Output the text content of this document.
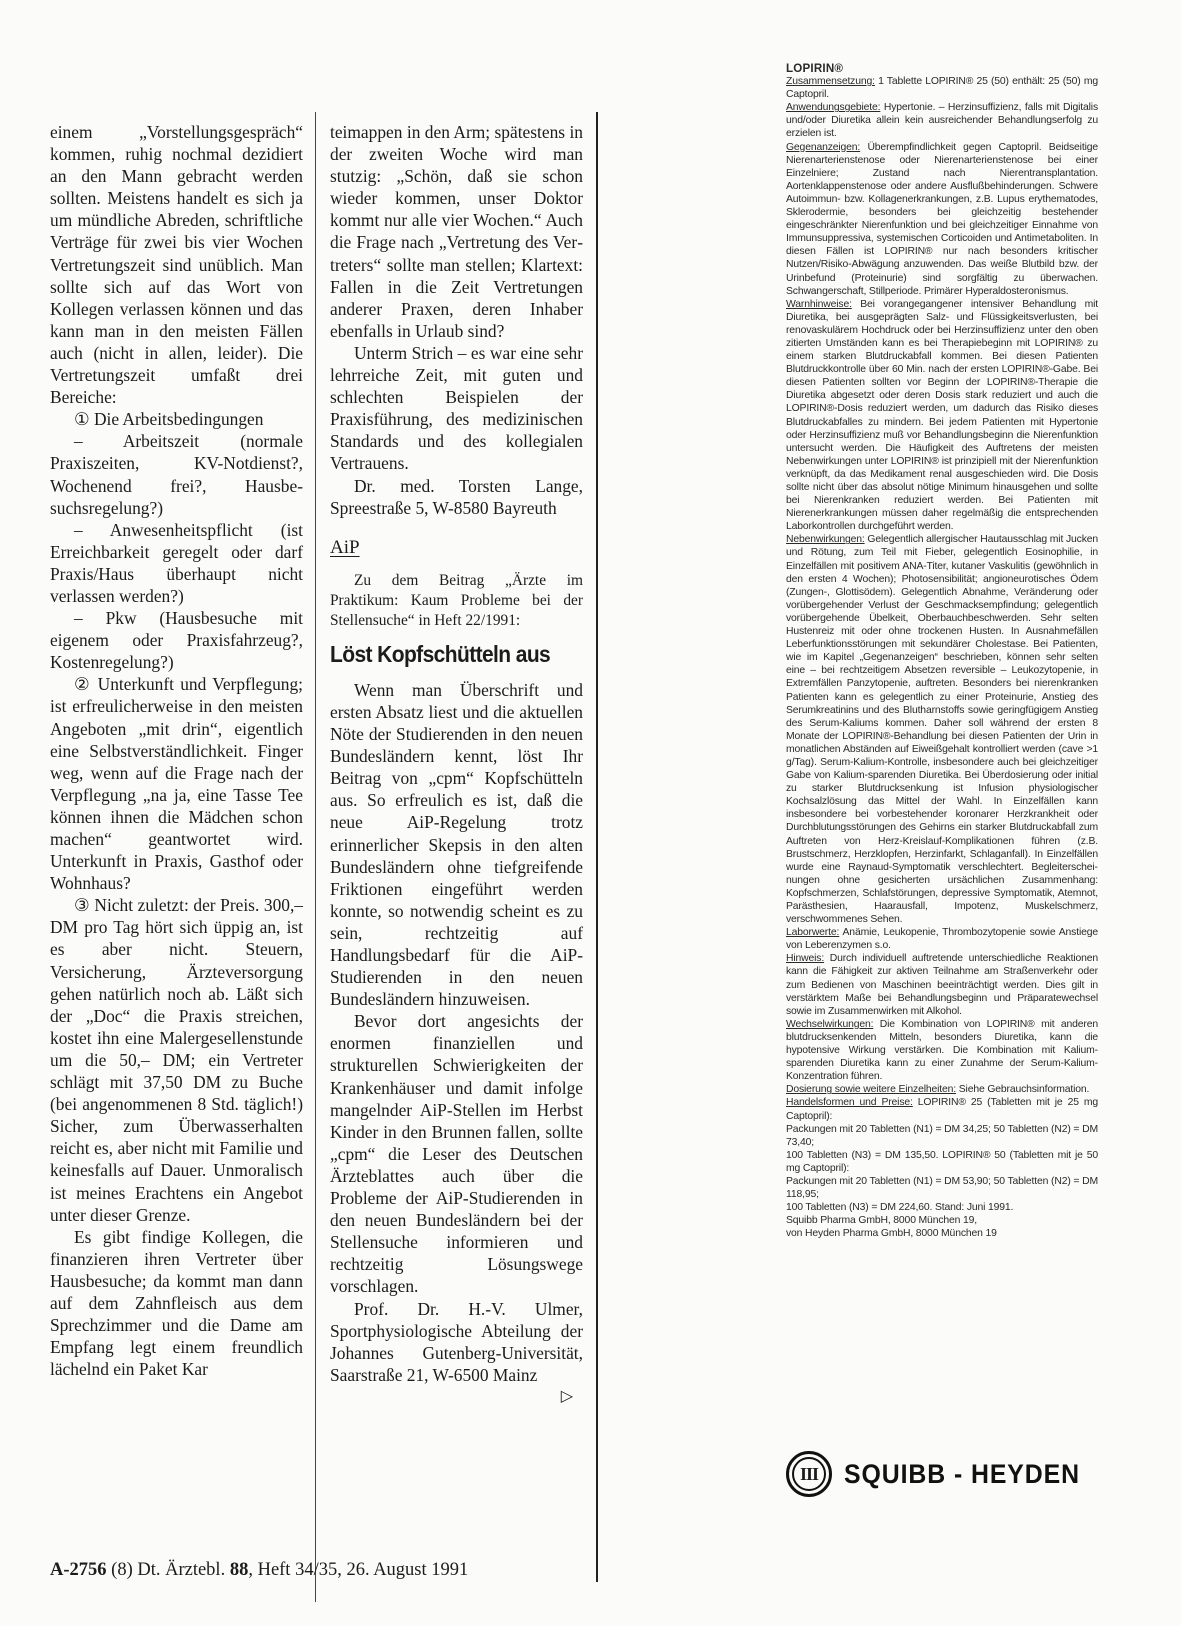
einem „Vorstellungsgespräch“ kommen, ruhig nochmal dezidiert an den Mann gebracht werden sollten. Meistens handelt es sich ja um mündliche Abreden, schriftliche Verträge für zwei bis vier Wochen Vertretungszeit sind unüblich. Man sollte sich auf das Wort von Kollegen verlassen können und das kann man in den meisten Fällen auch (nicht in allen, leider). Die Vertretungszeit umfaßt drei Bereiche:

① Die Arbeitsbedingungen

– Arbeitszeit (normale Praxiszeiten, KV-Notdienst?, Wochenend frei?, Hausbesuchsregelung?)

– Anwesenheitspflicht (ist Erreichbarkeit geregelt oder darf Praxis/Haus überhaupt nicht verlassen werden?)

– Pkw (Hausbesuche mit eigenem oder Praxisfahrzeug?, Kostenregelung?)

② Unterkunft und Verpflegung; ist erfreulicherweise in den meisten Angeboten „mit drin“, eigentlich eine Selbstverständlichkeit. Finger weg, wenn auf die Frage nach der Verpflegung „na ja, eine Tasse Tee können ihnen die Mädchen schon machen“ geantwortet wird. Unterkunft in Praxis, Gasthof oder Wohnhaus?

③ Nicht zuletzt: der Preis. 300,– DM pro Tag hört sich üppig an, ist es aber nicht. Steuern, Versicherung, Ärzteversorgung gehen natürlich noch ab. Läßt sich der „Doc“ die Praxis streichen, kostet ihn eine Malergesellenstunde um die 50,– DM; ein Vertreter schlägt mit 37,50 DM zu Buche (bei angenommenen 8 Std. täglich!) Sicher, zum Überwasserhalten reicht es, aber nicht mit Familie und keinesfalls auf Dauer. Unmoralisch ist meines Erachtens ein Angebot unter dieser Grenze.

Es gibt findige Kollegen, die finanzieren ihren Vertreter über Hausbesuche; da kommt man dann auf dem Zahnfleisch aus dem Sprechzimmer und die Dame am Empfang legt einem freundlich lächelnd ein Paket Kar

teimappen in den Arm; spätestens in der zweiten Woche wird man stutzig: „Schön, daß sie schon wieder kommen, unser Doktor kommt nur alle vier Wochen.“ Auch die Frage nach „Vertretung des Vertreters“ sollte man stellen; Klartext: Fallen in die Zeit Vertretungen anderer Praxen, deren Inhaber ebenfalls in Urlaub sind?

Unterm Strich – es war eine sehr lehrreiche Zeit, mit guten und schlechten Beispielen der Praxisführung, des medizinischen Standards und des kollegialen Vertrauens.

Dr. med. Torsten Lange, Spreestraße 5, W-8580 Bayreuth

AiP
Zu dem Beitrag „Ärzte im Praktikum: Kaum Probleme bei der Stellensuche“ in Heft 22/1991:
Löst Kopfschütteln aus

Wenn man Überschrift und ersten Absatz liest und die aktuellen Nöte der Studierenden in den neuen Bundesländern kennt, löst Ihr Beitrag von „cpm“ Kopfschütteln aus. So erfreulich es ist, daß die neue AiP-Regelung trotz erinnerlicher Skepsis in den alten Bundesländern ohne tiefgreifende Friktionen eingeführt werden konnte, so notwendig scheint es zu sein, rechtzeitig auf Handlungsbedarf für die AiP-Studierenden in den neuen Bundesländern hinzuweisen.

Bevor dort angesichts der enormen finanziellen und strukturellen Schwierigkeiten der Krankenhäuser und damit infolge mangelnder AiP-Stellen im Herbst Kinder in den Brunnen fallen, sollte „cpm“ die Leser des Deutschen Ärzteblattes auch über die Probleme der AiP-Studierenden in den neuen Bundesländern bei der Stellensuche informieren und rechtzeitig Lösungswege vorschlagen.

Prof. Dr. H.-V. Ulmer, Sportphysiologische Abteilung der Johannes Gutenberg-Universität, Saarstraße 21, W-6500 Mainz
▷

A-2756 (8) Dt. Ärztebl. 88, Heft 34/35, 26. August 1991
LOPIRIN®

Zusammensetzung: 1 Tablette LOPIRIN® 25 (50) enthält: 25 (50) mg Captopril.

Anwendungsgebiete: Hypertonie. – Herzinsuffizienz, falls mit Digitalis und/oder Diuretika allein kein ausreichender Behandlungserfolg zu erzielen ist.

Gegenanzeigen: Überempfindlichkeit gegen Captopril. Beidseitige Nierenarterienstenose oder Nierenarterienstenose bei einer Einzelniere; Zustand nach Nierentransplantation. Aortenklappenstenose oder andere Ausflußbehinderungen. Schwere Autoimmun- bzw. Kollagenerkrankungen, z.B. Lupus erythematodes, Sklerodermie, besonders bei gleichzeitig bestehender eingeschränkter Nierenfunktion und bei gleichzeitiger Einnahme von Immunsuppressiva, systemischen Corticoiden und Antimetaboliten. In diesen Fällen ist LOPIRIN® nur nach besonders kritischer Nutzen/Risiko-Abwägung anzuwenden. Das weiße Blutbild bzw. der Urinbefund (Proteinurie) sind sorgfältig zu überwachen. Schwangerschaft, Stillperiode. Primärer Hyperaldosteronismus.

Warnhinweise: Bei vorangegangener intensiver Behandlung mit Diuretika, bei ausgeprägten Salz- und Flüssigkeitsverlusten, bei renovaskulärem Hochdruck oder bei Herzinsuffizienz unter den oben zitierten Umständen kann es bei Therapiebeginn mit LOPIRIN® zu einem starken Blutdruckabfall kommen. Bei diesen Patienten Blutdruckkontrolle über 60 Min. nach der ersten LOPIRIN®-Gabe. Bei diesen Patienten sollten vor Beginn der LOPIRIN®-Therapie die Diuretika abgesetzt oder deren Dosis stark reduziert und auch die LOPIRIN®-Dosis reduziert werden, um dadurch das Risiko dieses Blutdruckabfalles zu mindern. Bei jedem Patienten mit Hypertonie oder Herzinsuffizienz muß vor Behandlungsbeginn die Nierenfunktion untersucht werden. Die Häufigkeit des Auftretens der meisten Nebenwirkungen unter LOPIRIN® ist prinzipiell mit der Nierenfunktion verknüpft, da das Medikament renal ausgeschieden wird. Die Dosis sollte nicht über das absolut nötige Minimum hinausgehen und sollte bei Nierenkranken reduziert werden. Bei Patienten mit Nierenerkrankungen müssen daher regelmäßig die entsprechenden Laborkontrollen durchgeführt werden.

Nebenwirkungen: Gelegentlich allergischer Hautausschlag mit Jucken und Rötung, zum Teil mit Fieber, gelegentlich Eosinophilie, in Einzelfällen mit positivem ANA-Titer, kutaner Vaskulitis (gewöhnlich in den ersten 4 Wochen); Photosensibilität; angioneurotisches Ödem (Zungen-, Glottisödem). Gelegentlich Abnahme, Veränderung oder vorübergehender Verlust der Geschmacksempfindung; gelegentlich vorübergehende Übelkeit, Oberbauchbeschwerden. Sehr selten Hustenreiz mit oder ohne trockenen Husten. In Ausnahmefällen Leberfunktionsstörungen mit sekundärer Cholestase. Bei Patienten, wie im Kapitel „Gegenanzeigen“ beschrieben, können sehr selten eine – bei rechtzeitigem Absetzen reversible – Leukozytopenie, in Extremfällen Panzytopenie, auftreten. Besonders bei nierenkranken Patienten kann es gelegentlich zu einer Proteinurie, Anstieg des Serumkreatinins und des Blutharnstoffs sowie geringfügigem Anstieg des Serum-Kaliums kommen. Daher soll während der ersten 8 Monate der LOPIRIN®-Behandlung bei diesen Patienten der Urin in monatlichen Abständen auf Eiweißgehalt kontrolliert werden (cave >1 g/Tag). Serum-Kalium-Kontrolle, insbesondere auch bei gleichzeitiger Gabe von Kalium-sparenden Diuretika. Bei Überdosierung oder initial zu starker Blutdrucksenkung ist Infusion physiologischer Kochsalzlösung das Mittel der Wahl. In Einzelfällen kann insbesondere bei vorbestehender koronarer Herzkrankheit oder Durchblutungsstörungen des Gehirns ein starker Blutdruckabfall zum Auftreten von Herz-Kreislauf-Komplikationen führen (z.B. Brustschmerz, Herzklopfen, Herzinfarkt, Schlaganfall). In Einzelfällen wurde eine Raynaud-Symptomatik verschlechtert. Begleiterscheinungen ohne gesicherten ursächlichen Zusammenhang: Kopfschmerzen, Schlafstörungen, depressive Symptomatik, Atemnot, Parästhesien, Haarausfall, Impotenz, Muskelschmerz, verschwommenes Sehen.

Laborwerte: Anämie, Leukopenie, Thrombozytopenie sowie Anstiege von Leberenzymen s.o.

Hinweis: Durch individuell auftretende unterschiedliche Reaktionen kann die Fähigkeit zur aktiven Teilnahme am Straßenverkehr oder zum Bedienen von Maschinen beeinträchtigt werden. Dies gilt in verstärktem Maße bei Behandlungsbeginn und Präparatewechsel sowie im Zusammenwirken mit Alkohol.

Wechselwirkungen: Die Kombination von LOPIRIN® mit anderen blutdrucksenkenden Mitteln, besonders Diuretika, kann die hypotensive Wirkung verstärken. Die Kombination mit Kalium-sparenden Diuretika kann zu einer Zunahme der Serum-Kalium-Konzentration führen.

Dosierung sowie weitere Einzelheiten: Siehe Gebrauchsinformation.

Handelsformen und Preise: LOPIRIN® 25 (Tabletten mit je 25 mg Captopril):

Packungen mit 20 Tabletten (N1) = DM 34,25; 50 Tabletten (N2) = DM 73,40;

100 Tabletten (N3) = DM 135,50. LOPIRIN® 50 (Tabletten mit je 50 mg Captopril):

Packungen mit 20 Tabletten (N1) = DM 53,90; 50 Tabletten (N2) = DM 118,95;

100 Tabletten (N3) = DM 224,60. Stand: Juni 1991.

Squibb Pharma GmbH, 8000 München 19,

von Heyden Pharma GmbH, 8000 München 19

III SQUIBB - HEYDEN
